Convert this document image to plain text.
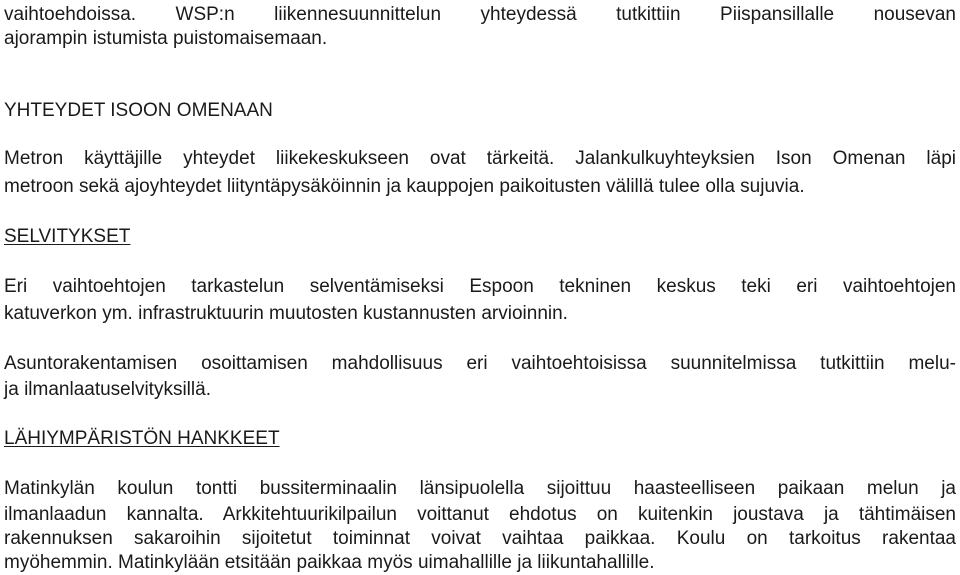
vaihtoehdoissa. WSP:n liikennesuunnittelun yhteydessä tutkittiin Piispansillalle nousevan
ajorampin istumista puistomaisemaan.
YHTEYDET ISOON OMENAAN
Metron käyttäjille yhteydet liikekeskukseen ovat tärkeitä. Jalankulkuyhteyksien Ison Omenan läpi
metroon sekä ajoyhteydet liityntäpysäköinnin ja kauppojen paikoitusten välillä tulee olla sujuvia.
SELVITYKSET
Eri vaihtoehtojen tarkastelun selventämiseksi Espoon tekninen keskus teki eri vaihtoehtojen
katuverkon ym. infrastruktuurin muutosten kustannusten arvioinnin.
Asuntorakentamisen osoittamisen mahdollisuus eri vaihtoehtoisissa suunnitelmissa tutkittiin melu-
ja ilmanlaatuselvityksillä.
LÄHIYMPÄRISTÖN HANKKEET
Matinkylän koulun tontti bussiterminaalin länsipuolella sijoittuu haasteelliseen paikaan melun ja
ilmanlaadun kannalta. Arkkitehtuurikilpailun voittanut ehdotus on kuitenkin joustava ja tähtimäisen
rakennuksen sakaroihin sijoitetut toiminnat voivat vaihtaa paikkaa. Koulu on tarkoitus rakentaa
myöhemmin. Matinkylään etsitään paikkaa myös uimahallille ja liikuntahallille.
